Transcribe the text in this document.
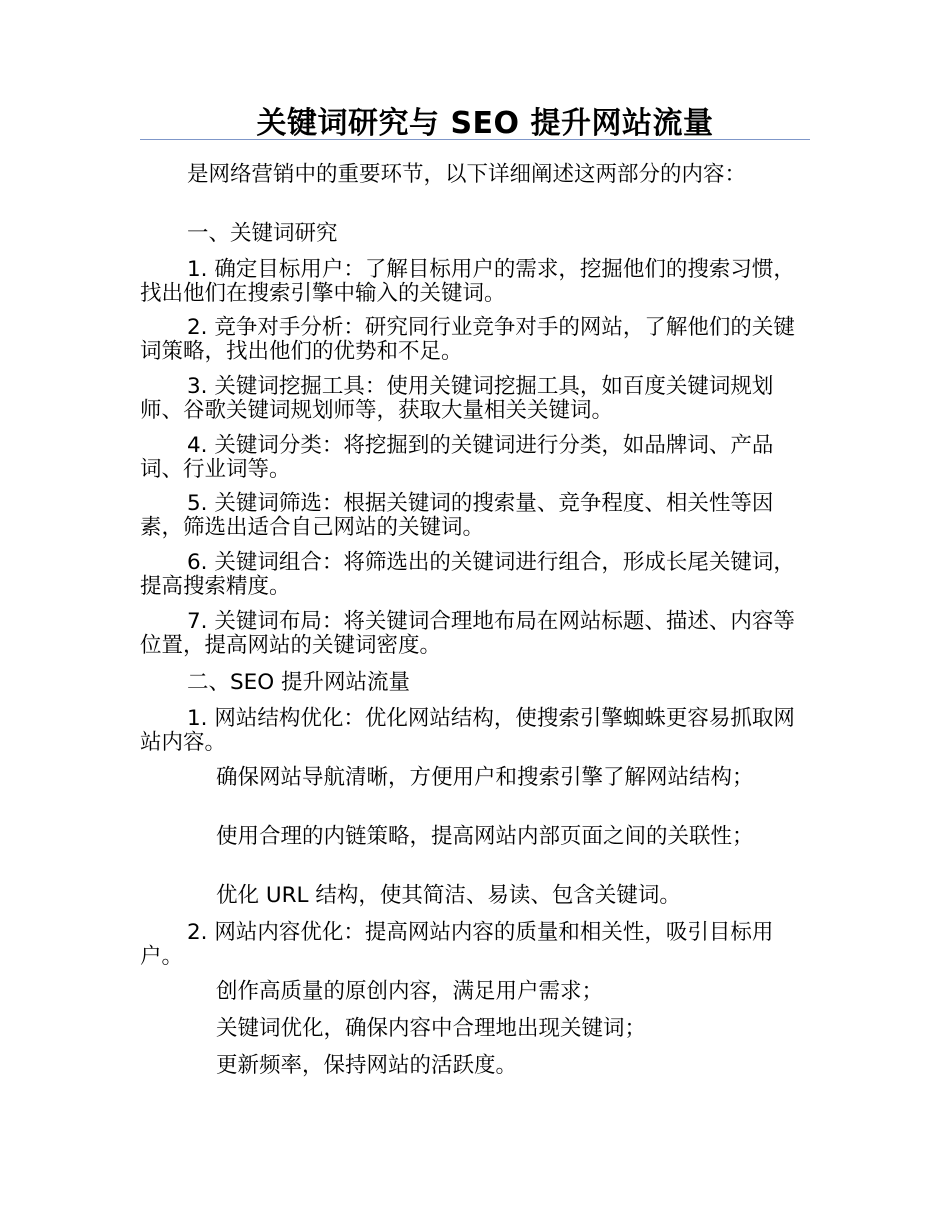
关键词研究与 SEO 提升网站流量

是网络营销中的重要环节，以下详细阐述这两部分的内容：

一、关键词研究

1. 确定目标用户：了解目标用户的需求，挖掘他们的搜索习惯，找出他们在搜索引擎中输入的关键词。

2. 竞争对手分析：研究同行业竞争对手的网站，了解他们的关键词策略，找出他们的优势和不足。

3. 关键词挖掘工具：使用关键词挖掘工具，如百度关键词规划师、谷歌关键词规划师等，获取大量相关关键词。

4. 关键词分类：将挖掘到的关键词进行分类，如品牌词、产品词、行业词等。

5. 关键词筛选：根据关键词的搜索量、竞争程度、相关性等因素，筛选出适合自己网站的关键词。

6. 关键词组合：将筛选出的关键词进行组合，形成长尾关键词，提高搜索精度。

7. 关键词布局：将关键词合理地布局在网站标题、描述、内容等位置，提高网站的关键词密度。

二、SEO 提升网站流量

1. 网站结构优化：优化网站结构，使搜索引擎蜘蛛更容易抓取网站内容。

确保网站导航清晰，方便用户和搜索引擎了解网站结构；

使用合理的内链策略，提高网站内部页面之间的关联性；

优化 URL 结构，使其简洁、易读、包含关键词。

2. 网站内容优化：提高网站内容的质量和相关性，吸引目标用户。

创作高质量的原创内容，满足用户需求；

关键词优化，确保内容中合理地出现关键词；

更新频率，保持网站的活跃度。
